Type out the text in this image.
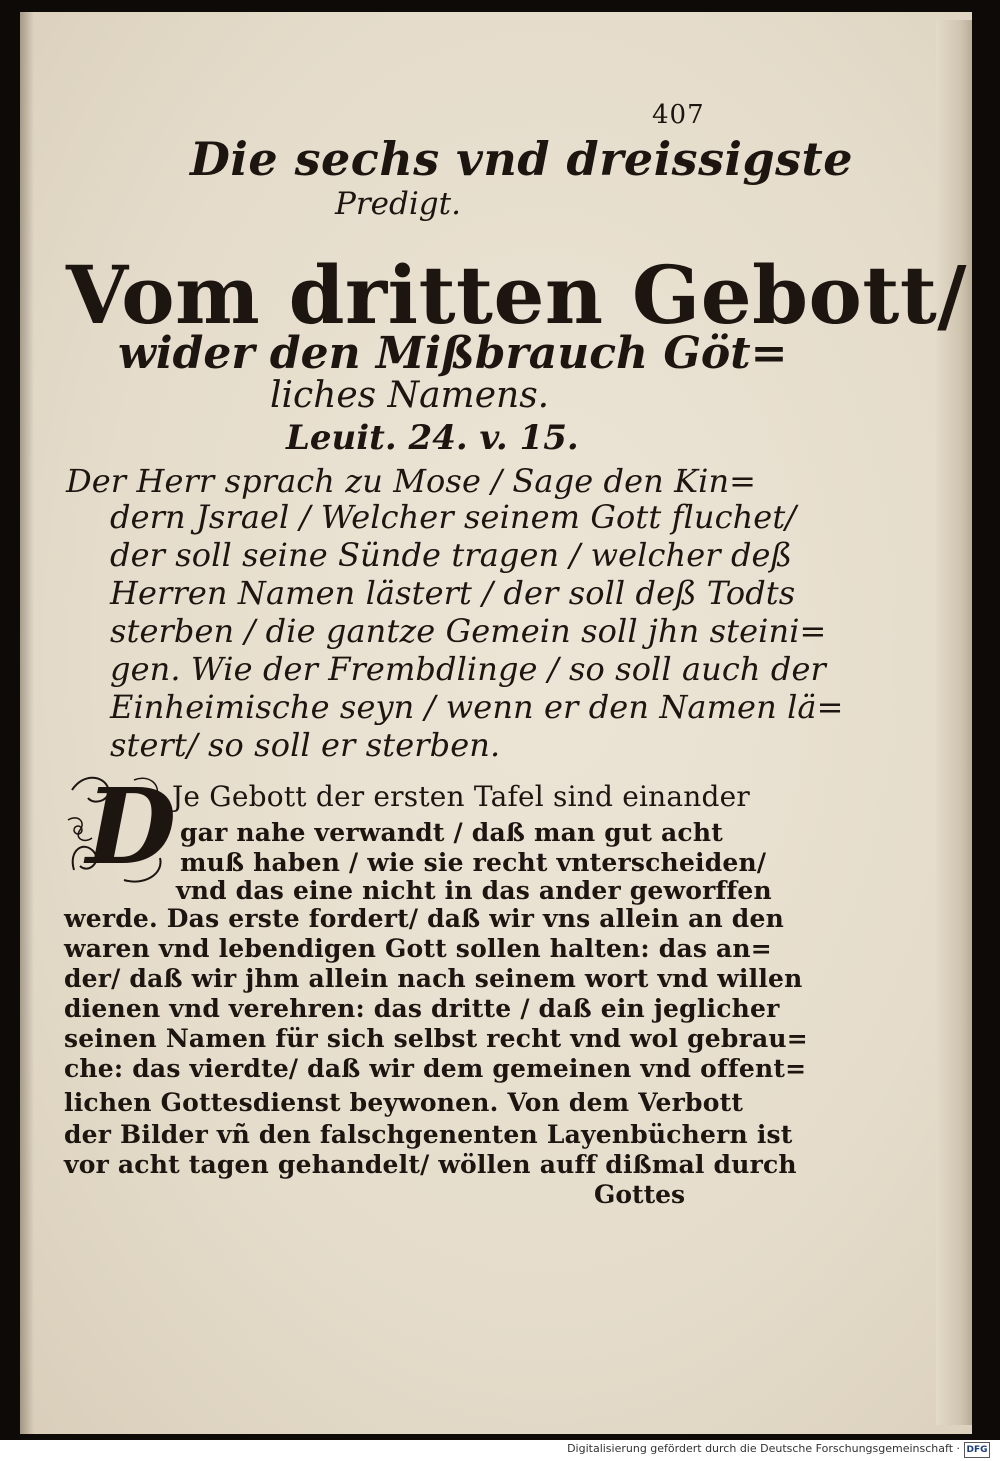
407
Die sechs vnd dreissigste
Predigt.
Vom dritten Gebott/
wider den Mißbrauch Göt=
liches Namens.
Leuit. 24. v. 15.
Der Herr sprach zu Mose / Sage den Kin=
dern Jsrael / Welcher seinem Gott fluchet/
der soll seine Sünde tragen / welcher deß
Herren Namen lästert / der soll deß Todts
sterben / die gantze Gemein soll jhn steini=
gen. Wie der Frembdlinge / so soll auch der
Einheimische seyn / wenn er den Namen lä=
stert/ so soll er sterben.
D
Je Gebott der ersten Tafel sind einander
gar nahe verwandt / daß man gut acht
muß haben / wie sie recht vnterscheiden/
vnd das eine nicht in das ander geworffen
werde. Das erste fordert/ daß wir vns allein an den
waren vnd lebendigen Gott sollen halten: das an=
der/ daß wir jhm allein nach seinem wort vnd willen
dienen vnd verehren: das dritte / daß ein jeglicher
seinen Namen für sich selbst recht vnd wol gebrau=
che: das vierdte/ daß wir dem gemeinen vnd offent=
lichen Gottesdienst beywonen. Von dem Verbott
der Bilder vñ den falschgenenten Layenbüchern ist
vor acht tagen gehandelt/ wöllen auff dißmal durch
Gottes
Digitalisierung gefördert durch die Deutsche Forschungsgemeinschaft · DFG
